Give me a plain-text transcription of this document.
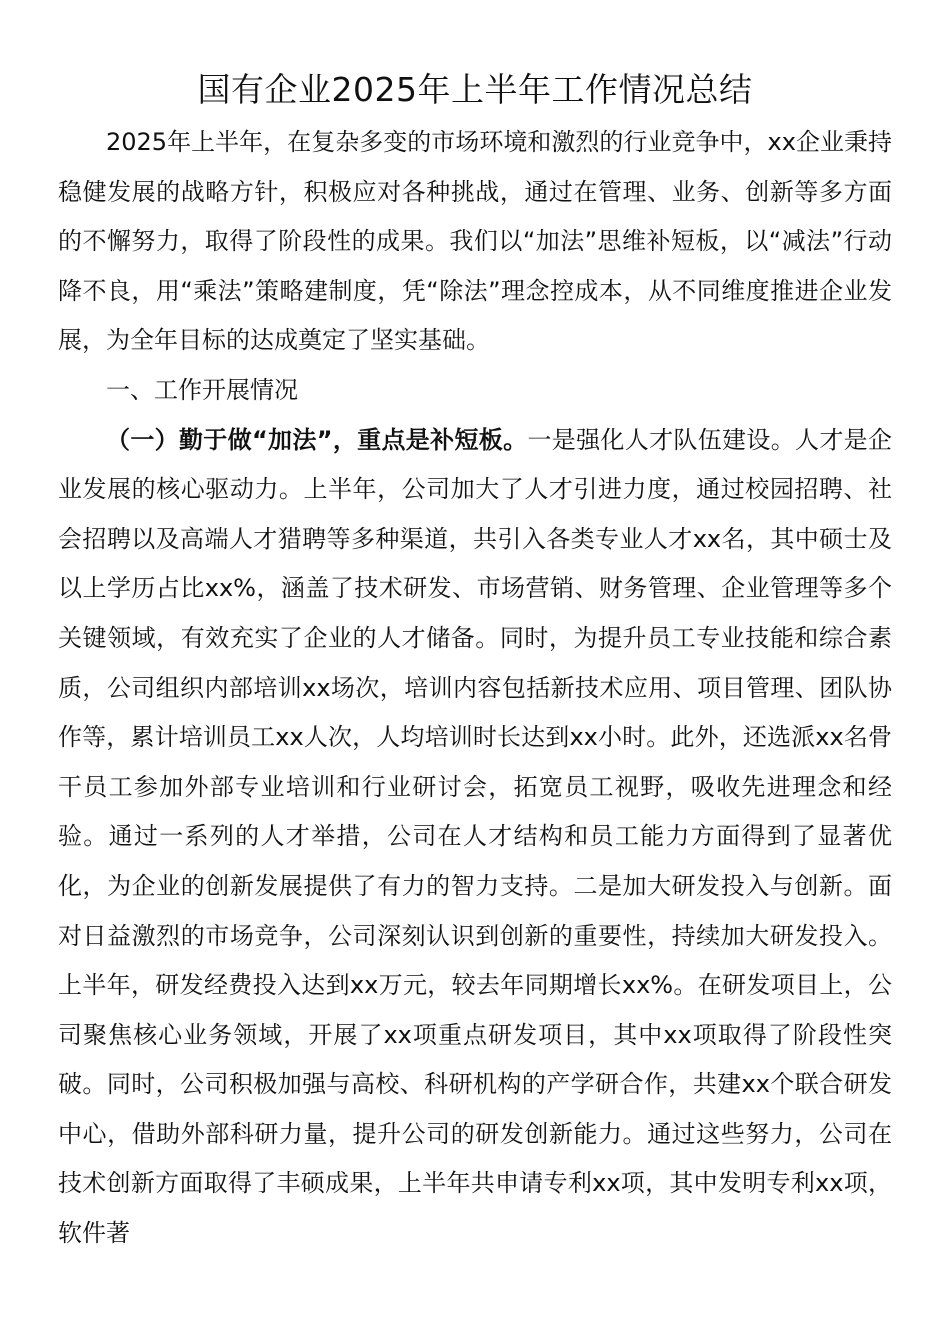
国有企业2025年上半年工作情况总结

2025年上半年，在复杂多变的市场环境和激烈的行业竞争中，xx企业秉持稳健发展的战略方针，积极应对各种挑战，通过在管理、业务、创新等多方面的不懈努力，取得了阶段性的成果。我们以“加法”思维补短板，以“减法”行动降不良，用“乘法”策略建制度，凭“除法”理念控成本，从不同维度推进企业发展，为全年目标的达成奠定了坚实基础。

一、工作开展情况

（一）勤于做“加法”，重点是补短板。一是强化人才队伍建设。人才是企业发展的核心驱动力。上半年，公司加大了人才引进力度，通过校园招聘、社会招聘以及高端人才猎聘等多种渠道，共引入各类专业人才xx名，其中硕士及以上学历占比xx%，涵盖了技术研发、市场营销、财务管理、企业管理等多个关键领域，有效充实了企业的人才储备。同时，为提升员工专业技能和综合素质，公司组织内部培训xx场次，培训内容包括新技术应用、项目管理、团队协作等，累计培训员工xx人次，人均培训时长达到xx小时。此外，还选派xx名骨干员工参加外部专业培训和行业研讨会，拓宽员工视野，吸收先进理念和经验。通过一系列的人才举措，公司在人才结构和员工能力方面得到了显著优化，为企业的创新发展提供了有力的智力支持。二是加大研发投入与创新。面对日益激烈的市场竞争，公司深刻认识到创新的重要性，持续加大研发投入。上半年，研发经费投入达到xx万元，较去年同期增长xx%。在研发项目上，公司聚焦核心业务领域，开展了xx项重点研发项目，其中xx项取得了阶段性突破。同时，公司积极加强与高校、科研机构的产学研合作，共建xx个联合研发中心，借助外部科研力量，提升公司的研发创新能力。通过这些努力，公司在技术创新方面取得了丰硕成果，上半年共申请专利xx项，其中发明专利xx项，软件著
